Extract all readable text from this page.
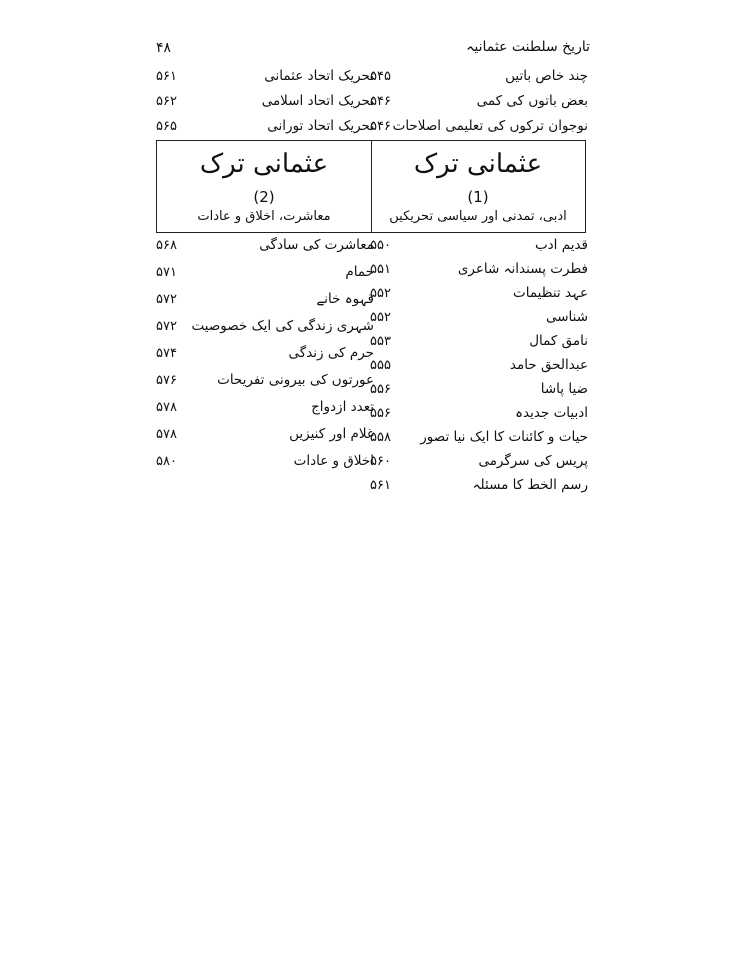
تاریخ سلطنت عثمانیہ
۴۸
چند خاص باتیں
۵۴۵
بعض باتوں کی کمی
۵۴۶
نوجوان ترکوں کی تعلیمی اصلاحات
۵۴۶
تحریک اتحاد عثمانی
۵۶۱
تحریک اتحاد اسلامی
۵۶۲
تحریک اتحاد تورانی
۵۶۵
عثمانی ترک
(1)
ادبی، تمدنی اور سیاسی تحریکیں
عثمانی ترک
(2)
معاشرت، اخلاق و عادات
قدیم ادب
۵۵۰
فطرت پسندانہ شاعری
۵۵۱
عہد تنظیمات
۵۵۲
شناسی
۵۵۲
نامق کمال
۵۵۳
عبدالحق حامد
۵۵۵
ضیا پاشا
۵۵۶
ادبیات جدیدہ
۵۵۶
حیات و کائنات کا ایک نیا تصور
۵۵۸
پریس کی سرگرمی
۵۶۰
رسم الخط کا مسئلہ
۵۶۱
معاشرت کی سادگی
۵۶۸
حمام
۵۷۱
قہوہ خانے
۵۷۲
شہری زندگی کی ایک خصوصیت
۵۷۲
حرم کی زندگی
۵۷۴
عورتوں کی بیرونی تفریحات
۵۷۶
تعدد ازدواج
۵۷۸
غلام اور کنیزیں
۵۷۸
اخلاق و عادات
۵۸۰
